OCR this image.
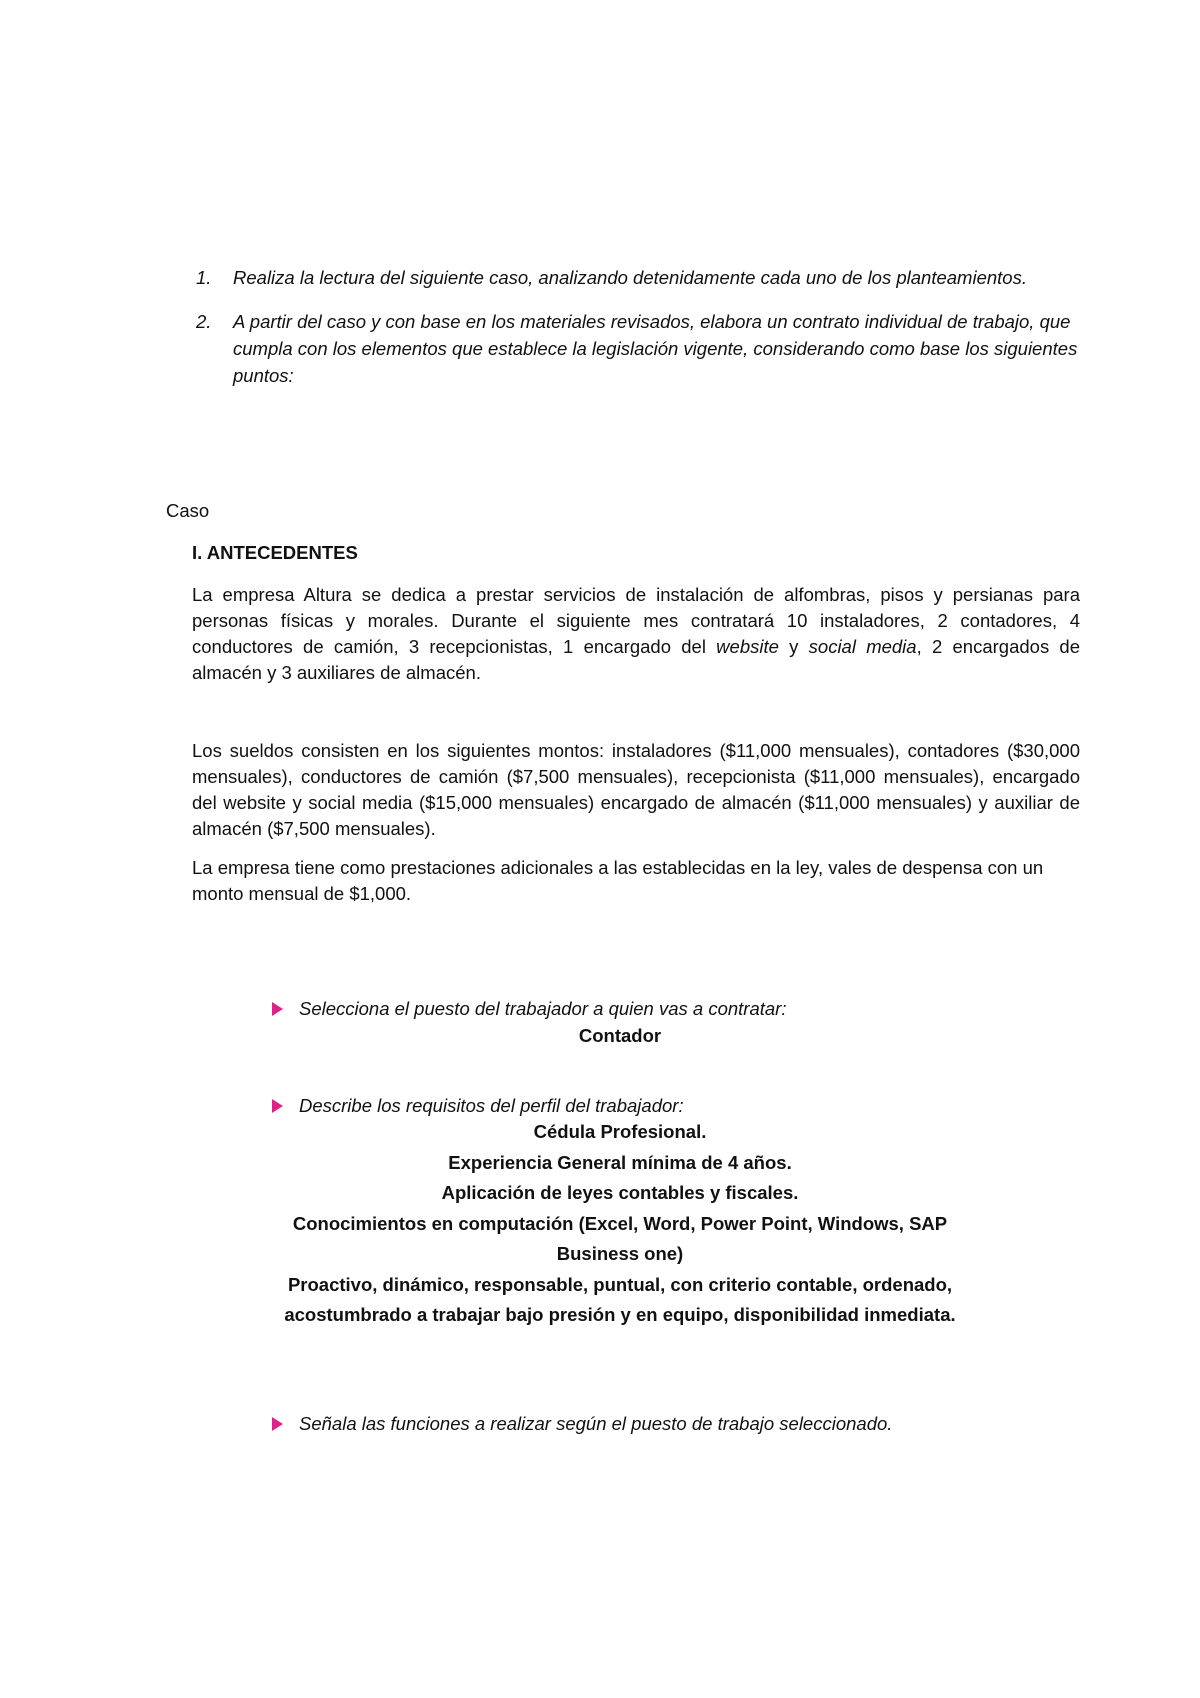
1. Realiza la lectura del siguiente caso, analizando detenidamente cada uno de los planteamientos.

2. A partir del caso y con base en los materiales revisados, elabora un contrato individual de trabajo, que cumpla con los elementos que establece la legislación vigente, considerando como base los siguientes puntos:

Caso
I. ANTECEDENTES

La empresa Altura se dedica a prestar servicios de instalación de alfombras, pisos y persianas para personas físicas y morales. Durante el siguiente mes contratará 10 instaladores, 2 contadores, 4 conductores de camión, 3 recepcionistas, 1 encargado del website y social media, 2 encargados de almacén y 3 auxiliares de almacén.

Los sueldos consisten en los siguientes montos: instaladores ($11,000 mensuales), contadores ($30,000 mensuales), conductores de camión ($7,500 mensuales), recepcionista ($11,000 mensuales), encargado del website y social media ($15,000 mensuales) encargado de almacén ($11,000 mensuales) y auxiliar de almacén ($7,500 mensuales).

La empresa tiene como prestaciones adicionales a las establecidas en la ley, vales de despensa con un monto mensual de $1,000.

Selecciona el puesto del trabajador a quien vas a contratar:
Contador
Describe los requisitos del perfil del trabajador:
Cédula Profesional.
Experiencia General mínima de 4 años.
Aplicación de leyes contables y fiscales.
Conocimientos en computación (Excel, Word, Power Point, Windows, SAP
Business one)
Proactivo, dinámico, responsable, puntual, con criterio contable, ordenado,
acostumbrado a trabajar bajo presión y en equipo, disponibilidad inmediata.
Señala las funciones a realizar según el puesto de trabajo seleccionado.
